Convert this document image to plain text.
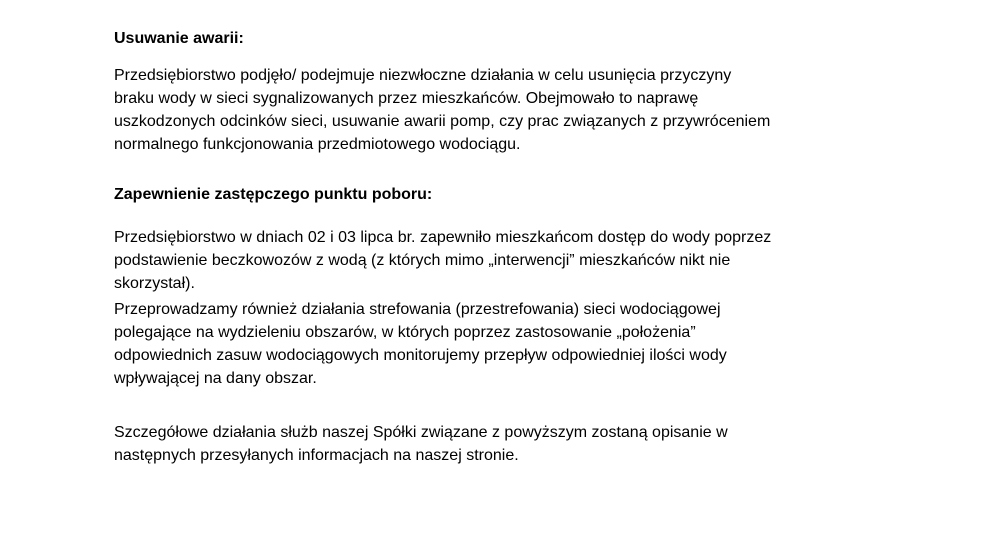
Usuwanie awarii:
Przedsiębiorstwo podjęło/ podejmuje niezwłoczne działania w celu usunięcia przyczyny
braku wody w sieci sygnalizowanych przez mieszkańców. Obejmowało to naprawę
uszkodzonych odcinków sieci, usuwanie awarii pomp, czy prac związanych z przywróceniem
normalnego funkcjonowania przedmiotowego wodociągu.
Zapewnienie zastępczego punktu poboru:
Przedsiębiorstwo w dniach 02 i 03 lipca br. zapewniło mieszkańcom dostęp do wody poprzez
podstawienie beczkowozów z wodą (z których mimo „interwencji” mieszkańców nikt nie
skorzystał).
Przeprowadzamy również działania strefowania (przestrefowania) sieci wodociągowej
polegające na wydzieleniu obszarów, w których poprzez zastosowanie „położenia”
odpowiednich zasuw wodociągowych monitorujemy przepływ odpowiedniej ilości wody
wpływającej na dany obszar.
Szczegółowe działania służb naszej Spółki związane z powyższym zostaną opisanie w
następnych przesyłanych informacjach na naszej stronie.
